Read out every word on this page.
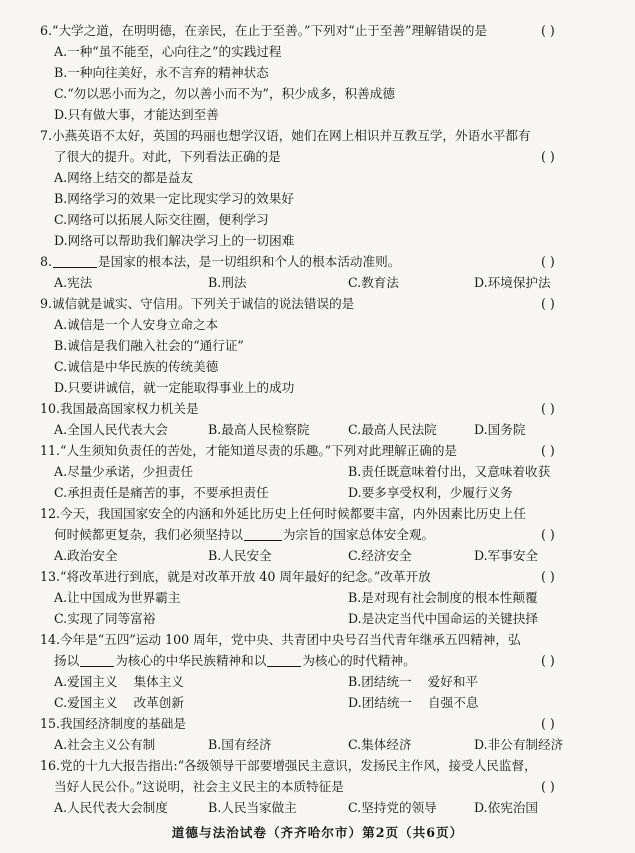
6.“大学之道，在明明德，在亲民，在止于至善。”下列对“止于至善”理解错误的是	( )
A.一种“虽不能至，心向往之”的实践过程
B.一种向往美好，永不言弃的精神状态
C.“勿以恶小而为之，勿以善小而不为”，积少成多，积善成德
D.只有做大事，才能达到至善
7.小燕英语不太好，英国的玛丽也想学汉语，她们在网上相识并互教互学，外语水平都有
了很大的提升。对此，下列看法正确的是	( )
A.网络上结交的都是益友
B.网络学习的效果一定比现实学习的效果好
C.网络可以拓展人际交往圈，便利学习
D.网络可以帮助我们解决学习上的一切困难
8.	是国家的根本法，是一切组织和个人的根本活动准则。	( )
A.宪法	B.刑法	C.教育法	D.环境保护法
9.诚信就是诚实、守信用。下列关于诚信的说法错误的是	( )
A.诚信是一个人安身立命之本
B.诚信是我们融入社会的“通行证”
C.诚信是中华民族的传统美德
D.只要讲诚信，就一定能取得事业上的成功
10.我国最高国家权力机关是	( )
A.全国人民代表大会	B.最高人民检察院	C.最高人民法院	D.国务院
11.“人生须知负责任的苦处，才能知道尽责的乐趣。”下列对此理解正确的是	( )
A.尽量少承诺，少担责任	B.责任既意味着付出，又意味着收获
C.承担责任是痛苦的事，不要承担责任	D.要多享受权利，少履行义务
12.今天，我国国家安全的内涵和外延比历史上任何时候都要丰富，内外因素比历史上任
何时候都更复杂，我们必须坚持以	为宗旨的国家总体安全观。	( )
A.政治安全	B.人民安全	C.经济安全	D.军事安全
13.“将改革进行到底，就是对改革开放 40 周年最好的纪念。”改革开放	( )
A.让中国成为世界霸主	B.是对现有社会制度的根本性颠覆
C.实现了同等富裕	D.是决定当代中国命运的关键抉择
14.今年是“五四”运动 100 周年，党中央、共青团中央号召当代青年继承五四精神，弘
扬以	为核心的中华民族精神和以	为核心的时代精神。	( )
A.爱国主义    集体主义	B.团结统一    爱好和平
C.爱国主义    改革创新	D.团结统一    自强不息
15.我国经济制度的基础是	( )
A.社会主义公有制	B.国有经济	C.集体经济	D.非公有制经济
16.党的十九大报告指出:“各级领导干部要增强民主意识，发扬民主作风，接受人民监督，
当好人民公仆。”这说明，社会主义民主的本质特征是	( )
A.人民代表大会制度	B.人民当家做主	C.坚持党的领导	D.依宪治国
道德与法治试卷（齐齐哈尔市）第2页（共6页）
